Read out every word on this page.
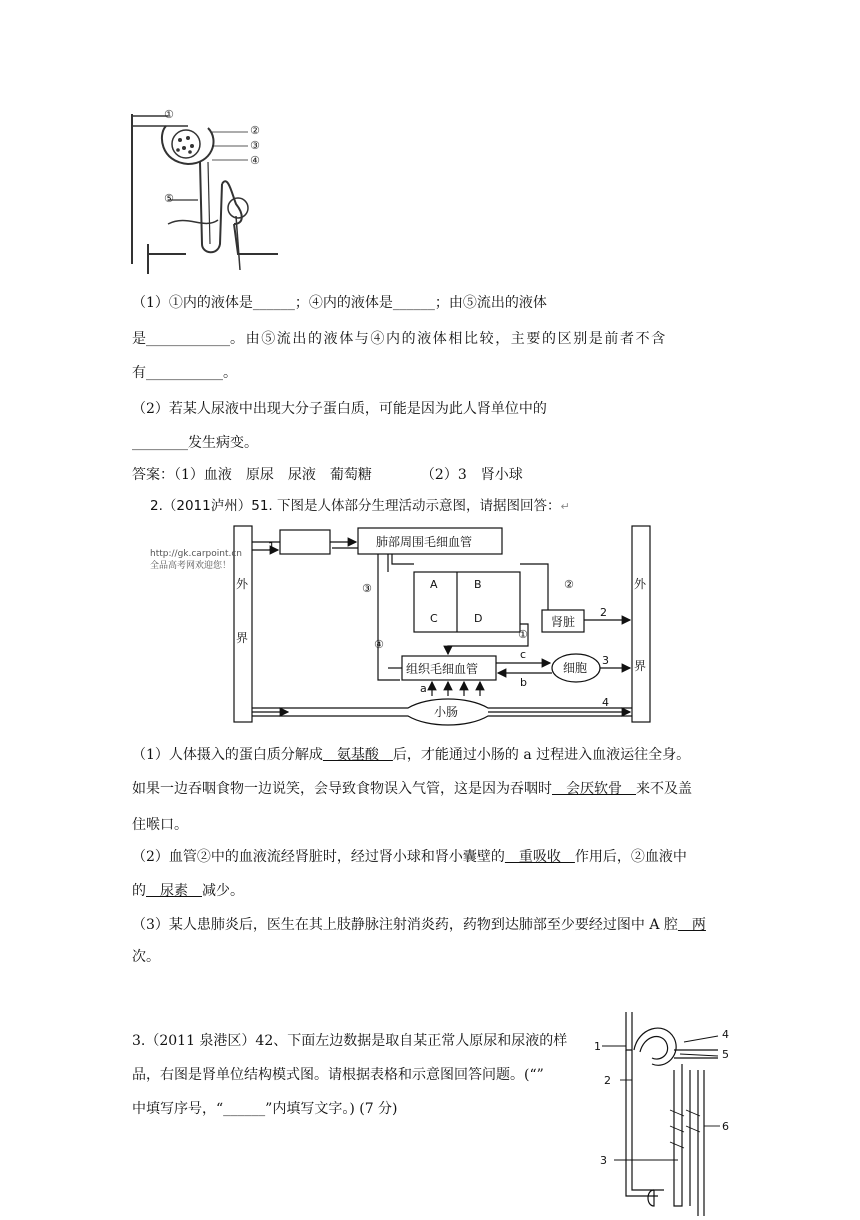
①
②
③
④
⑤
（1）①内的液体是______；④内的液体是______；由⑤流出的液体
是____________。由⑤流出的液体与④内的液体相比较，主要的区别是前者不含
有___________。
（2）若某人尿液中出现大分子蛋白质，可能是因为此人肾单位中的
________发生病变。
答案：（1）血液　原尿　尿液　葡萄糖　　　　（2）3　肾小球
2.（2011泸州）51. 下图是人体部分生理活动示意图，请据图回答：↵
http://gk.carpoint.cn
全品高考网欢迎您！
外
界
外
界
肺部周围毛细血管
组织毛细血管
肾脏
细胞
小肠
A	B
C	D
①
②
③
④
1
2
3
4
a	b
c
（1）人体摄入的蛋白质分解成　氨基酸　后，才能通过小肠的 a 过程进入血液运往全身。
如果一边吞咽食物一边说笑，会导致食物误入气管，这是因为吞咽时　会厌软骨　来不及盖
住喉口。
（2）血管②中的血液流经肾脏时，经过肾小球和肾小囊壁的　重吸收　作用后，②血液中
的　尿素　减少。
（3）某人患肺炎后，医生在其上肢静脉注射消炎药，药物到达肺部至少要经过图中 A 腔　两
次。
3.（2011 泉港区）42、下面左边数据是取自某正常人原尿和尿液的样
品，右图是肾单位结构模式图。请根据表格和示意图回答问题。(“”
中填写序号，“______”内填写文字。) (7 分)
1
2
3
4
5
6
